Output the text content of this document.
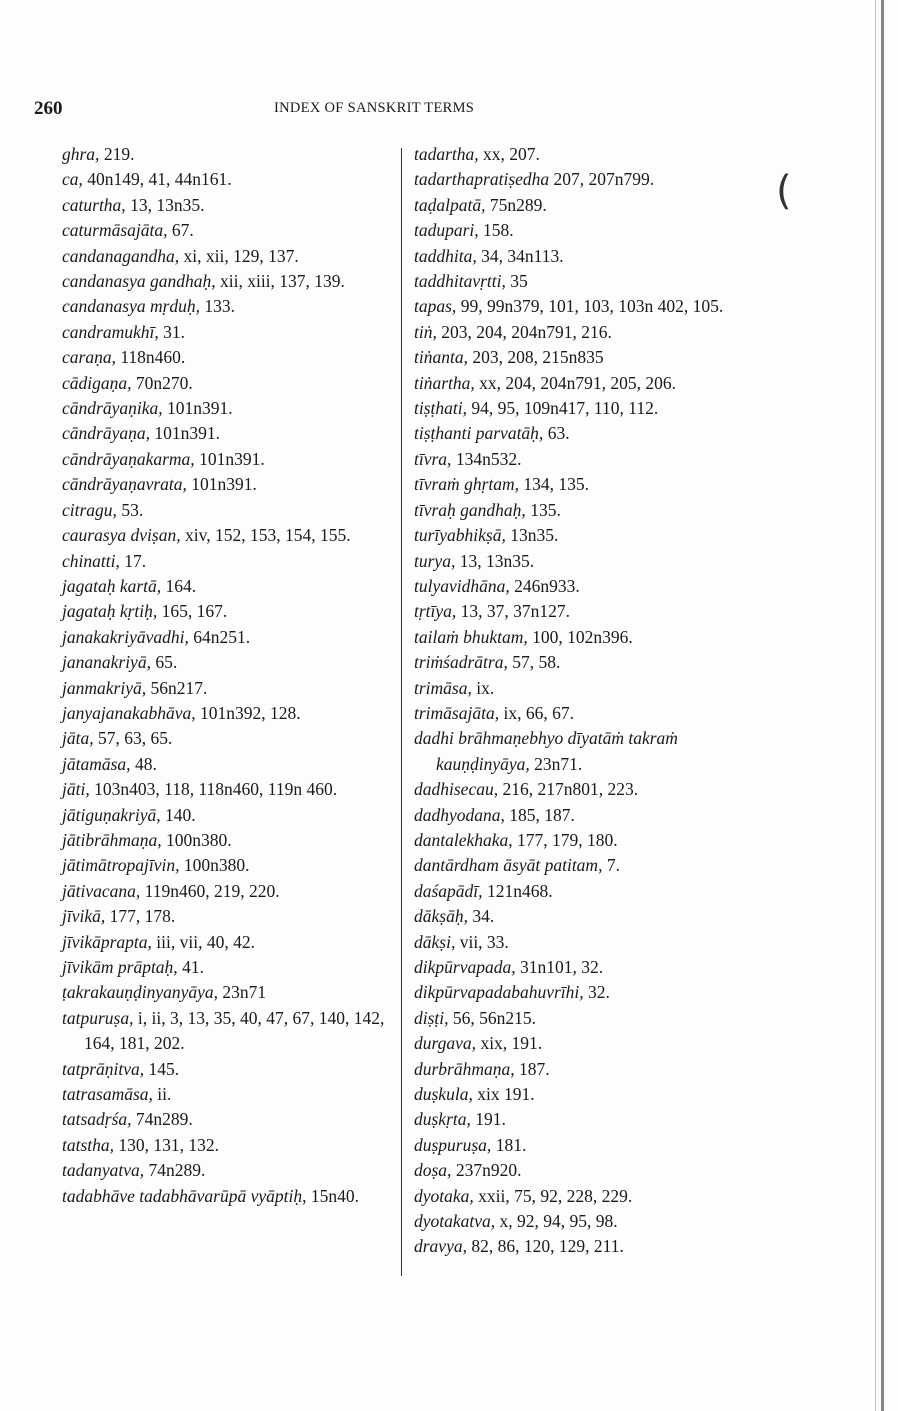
260	INDEX OF SANSKRIT TERMS
ghra, 219.
ca, 40n149, 41, 44n161.
caturtha, 13, 13n35.
caturmāsajāta, 67.
candanagandha, xi, xii, 129, 137.
candanasya gandhaḥ, xii, xiii, 137, 139.
candanasya mṛduḥ, 133.
candramukhī, 31.
caraṇa, 118n460.
cādigaṇa, 70n270.
cāndrāyaṇika, 101n391.
cāndrāyaṇa, 101n391.
cāndrāyaṇakarma, 101n391.
cāndrāyaṇavrata, 101n391.
citragu, 53.
caurasya dviṣan, xiv, 152, 153, 154, 155.
chinatti, 17.
jagataḥ kartā, 164.
jagataḥ kṛtiḥ, 165, 167.
janakakriyāvadhi, 64n251.
jananakriyā, 65.
janmakriyā, 56n217.
janyajanakabhāva, 101n392, 128.
jāta, 57, 63, 65.
jātamāsa, 48.
jāti, 103n403, 118, 118n460, 119n 460.
jātiguṇakriyā, 140.
jātibrāhmaṇa, 100n380.
jātimātropajīvin, 100n380.
jātivacana, 119n460, 219, 220.
jīvikā, 177, 178.
jīvikāprapta, iii, vii, 40, 42.
jīvikām prāptaḥ, 41.
ṭakrakauṇḍinyanyāya, 23n71
tatpuruṣa, i, ii, 3, 13, 35, 40, 47, 67, 140, 142, 164, 181, 202.
tatprāṇitva, 145.
tatrasamāsa, ii.
tatsadṛśa, 74n289.
tatstha, 130, 131, 132.
tadanyatva, 74n289.
tadabhāve tadabhāvarūpā vyāptiḥ, 15n40.
tadartha, xx, 207.
tadarthapratiṣedha 207, 207n799.
taḍalpatā, 75n289.
tadupari, 158.
taddhita, 34, 34n113.
taddhitavṛtti, 35
tapas, 99, 99n379, 101, 103, 103n 402, 105.
tiṅ, 203, 204, 204n791, 216.
tiṅanta, 203, 208, 215n835
tiṅartha, xx, 204, 204n791, 205, 206.
tiṣṭhati, 94, 95, 109n417, 110, 112.
tiṣṭhanti parvatāḥ, 63.
tīvra, 134n532.
tīvraṁ ghṛtam, 134, 135.
tīvraḥ gandhaḥ, 135.
turīyabhikṣā, 13n35.
turya, 13, 13n35.
tulyavidhāna, 246n933.
tṛtīya, 13, 37, 37n127.
tailaṁ bhuktam, 100, 102n396.
triṁśadrātra, 57, 58.
trimāsa, ix.
trimāsajāta, ix, 66, 67.
dadhi brāhmaṇebhyo dīyatāṁ takraṁ kauṇḍinyāya, 23n71.
dadhisecau, 216, 217n801, 223.
dadhyodana, 185, 187.
dantalekhaka, 177, 179, 180.
dantārdham āsyāt patitam, 7.
daśapādī, 121n468.
dākṣāḥ, 34.
dākṣi, vii, 33.
dikpūrvapada, 31n101, 32.
dikpūrvapadabahuvrīhi, 32.
diṣṭi, 56, 56n215.
durgava, xix, 191.
durbrāhmaṇa, 187.
duṣkula, xix 191.
duṣkṛta, 191.
duṣpuruṣa, 181.
doṣa, 237n920.
dyotaka, xxii, 75, 92, 228, 229.
dyotakatva, x, 92, 94, 95, 98.
dravya, 82, 86, 120, 129, 211.
(
